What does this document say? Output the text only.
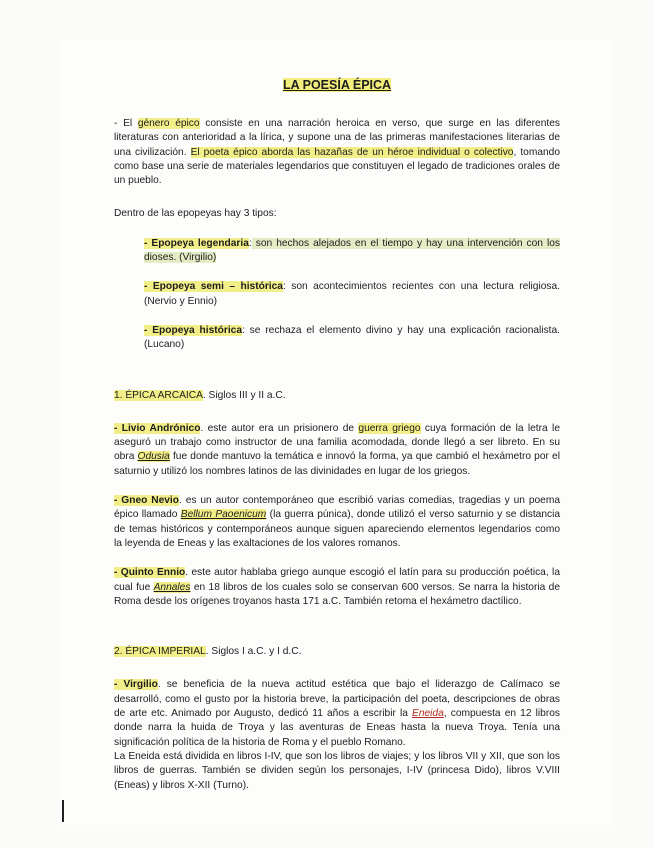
LA POESÍA ÉPICA

- El género épico consiste en una narración heroica en verso, que surge en las diferentes literaturas con anterioridad a la lírica, y supone una de las primeras manifestaciones literarias de una civilización. El poeta épico aborda las hazañas de un héroe individual o colectivo, tomando como base una serie de materiales legendarios que constituyen el legado de tradiciones orales de un pueblo.

Dentro de las epopeyas hay 3 tipos:

- Epopeya legendaria: son hechos alejados en el tiempo y hay una intervención con los dioses. (Virgilio)

- Epopeya semi – histórica: son acontecimientos recientes con una lectura religiosa. (Nervio y Ennio)

- Epopeya histórica: se rechaza el elemento divino y hay una explicación racionalista. (Lucano)

1. ÉPICA ARCAICA. Siglos III y II a.C.

- Livio Andrónico. este autor era un prisionero de guerra griego cuya formación de la letra le aseguró un trabajo como instructor de una familia acomodada, donde llegó a ser libreto. En su obra Odusia fue donde mantuvo la temática e innovó la forma, ya que cambió el hexámetro por el saturnio y utilizó los nombres latinos de las divinidades en lugar de los griegos.

- Gneo Nevio. es un autor contemporáneo que escribió varias comedias, tragedias y un poema épico llamado Bellum Paoenicum (la guerra púnica), donde utilizó el verso saturnio y se distancia de temas históricos y contemporáneos aunque siguen apareciendo elementos legendarios como la leyenda de Eneas y las exaltaciones de los valores romanos.

- Quinto Ennio. este autor hablaba griego aunque escogió el latín para su producción poética, la cual fue Annales en 18 libros de los cuales solo se conservan 600 versos. Se narra la historia de Roma desde los orígenes troyanos hasta 171 a.C. También retoma el hexámetro dactílico.

2. ÉPICA IMPERIAL. Siglos I a.C. y I d.C.

- Virgilio. se beneficia de la nueva actitud estética que bajo el liderazgo de Calímaco se desarrolló, como el gusto por la historia breve, la participación del poeta, descripciones de obras de arte etc. Animado por Augusto, dedicó 11 años a escribir la Eneida, compuesta en 12 libros donde narra la huida de Troya y las aventuras de Eneas hasta la nueva Troya. Tenía una significación política de la historia de Roma y el pueblo Romano.

La Eneida está dividida en libros I-IV, que son los libros de viajes; y los libros VII y XII, que son los libros de guerras. También se dividen según los personajes, I-IV (princesa Dido), libros V.VIII (Eneas) y libros X-XII (Turno).
